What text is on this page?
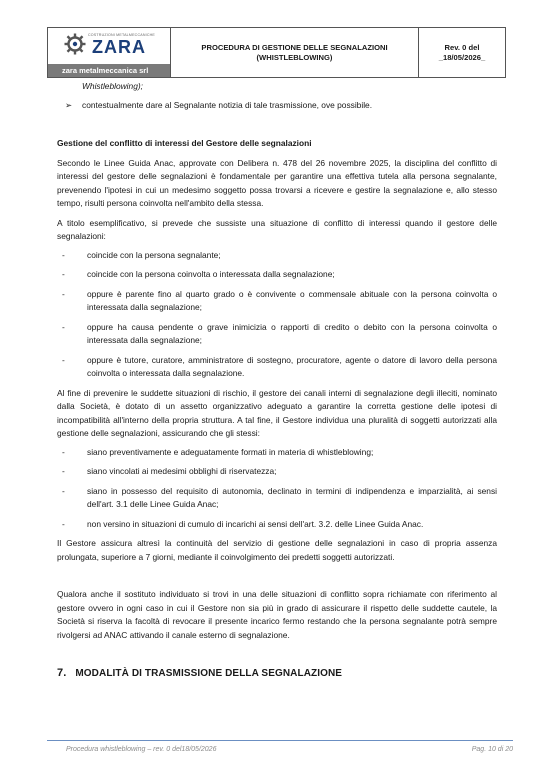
COSTRUZIONI METALMECCANICHE
ZARA
zara metalmeccanica srl

PROCEDURA DI GESTIONE DELLE SEGNALAZIONI
(WHISTLEBLOWING)

Rev. 0 del
_18/05/2026_

Whistleblowing);

➢ contestualmente dare al Segnalante notizia di tale trasmissione, ove possibile.
Gestione del conflitto di interessi del Gestore delle segnalazioni

Secondo le Linee Guida Anac, approvate con Delibera n. 478 del 26 novembre 2025, la disciplina del conflitto di interessi del gestore delle segnalazioni è fondamentale per garantire una effettiva tutela alla persona segnalante, prevenendo l'ipotesi in cui un medesimo soggetto possa trovarsi a ricevere e gestire la segnalazione e, allo stesso tempo, risulti persona coinvolta nell'ambito della stessa.

A titolo esemplificativo, si prevede che sussiste una situazione di conflitto di interessi quando il gestore delle segnalazioni:

-	coincide con la persona segnalante;
-	coincide con la persona coinvolta o interessata dalla segnalazione;
-	oppure è parente fino al quarto grado o è convivente o commensale abituale con la persona coinvolta o interessata dalla segnalazione;
-	oppure ha causa pendente o grave inimicizia o rapporti di credito o debito con la persona coinvolta o interessata dalla segnalazione;
-	oppure è tutore, curatore, amministratore di sostegno, procuratore, agente o datore di lavoro della persona coinvolta o interessata dalla segnalazione.

Al fine di prevenire le suddette situazioni di rischio, il gestore dei canali interni di segnalazione degli illeciti, nominato dalla Società, è dotato di un assetto organizzativo adeguato a garantire la corretta gestione delle ipotesi di incompatibilità all'interno della propria struttura. A tal fine, il Gestore individua una pluralità di soggetti autorizzati alla gestione delle segnalazioni, assicurando che gli stessi:

-	siano preventivamente e adeguatamente formati in materia di whistleblowing;
-	siano vincolati ai medesimi obblighi di riservatezza;
-	siano in possesso del requisito di autonomia, declinato in termini di indipendenza e imparzialità, ai sensi dell'art. 3.1 delle Linee Guida Anac;
-	non versino in situazioni di cumulo di incarichi ai sensi dell'art. 3.2. delle Linee Guida Anac.

Il Gestore assicura altresì la continuità del servizio di gestione delle segnalazioni in caso di propria assenza prolungata, superiore a 7 giorni, mediante il coinvolgimento dei predetti soggetti autorizzati.

Qualora anche il sostituto individuato si trovi in una delle situazioni di conflitto sopra richiamate con riferimento al gestore ovvero in ogni caso in cui il Gestore non sia più in grado di assicurare il rispetto delle suddette cautele, la Società si riserva la facoltà di revocare il presente incarico fermo restando che la persona segnalante potrà sempre rivolgersi ad ANAC attivando il canale esterno di segnalazione.

7. MODALITÀ DI TRASMISSIONE DELLA SEGNALAZIONE
Procedura whistleblowing – rev. 0 del18/05/2026	Pag. 10 di 20
